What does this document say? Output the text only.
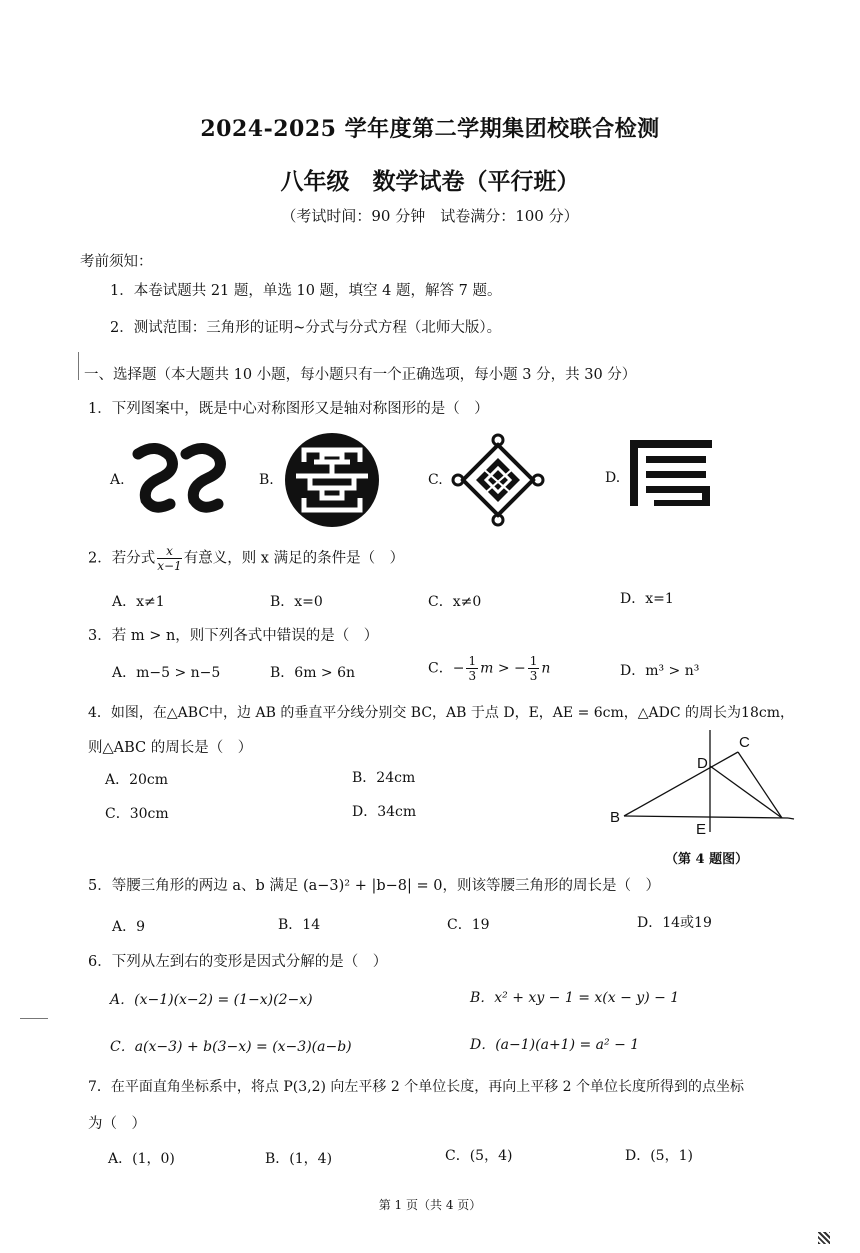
2024-2025 学年度第二学期集团校联合检测
八年级　数学试卷（平行班）
（考试时间：90 分钟　试卷满分：100 分）
考前须知：
1．本卷试题共 21 题，单选 10 题，填空 4 题，解答 7 题。
2．测试范围：三角形的证明~分式与分式方程（北师大版）。
一、选择题（本大题共 10 小题，每小题只有一个正确选项，每小题 3 分，共 30 分）
1．下列图案中，既是中心对称图形又是轴对称图形的是（　）
A.	B.	C.	D.
2．若分式 $\frac{x}{x-1}$ 有意义，则 x 满足的条件是（　）
A．x≠1	B．x=0	C．x≠0	D．x=1
3．若 m > n，则下列各式中错误的是（　）
A．m−5 > n−5	B．6m > 6n	C．− $\frac{1}{3}$ m > − $\frac{1}{3}$ n	D．m³ > n³
4．如图，在△ABC中，边 AB 的垂直平分线分别交 BC，AB 于点 D，E，AE = 6cm，△ADC 的周长为18cm，
则△ABC 的周长是（　）
A．20cm	B．24cm
C．30cm	D．34cm	B
C
D
E
（第 4 题图）
5．等腰三角形的两边 a、b 满足 (a−3)² + |b−8| = 0，则该等腰三角形的周长是（　）
A．9	B．14	C．19	D．14或19
6．下列从左到右的变形是因式分解的是（　）
A．(x−1)(x−2) = (1−x)(2−x)	B．x² + xy − 1 = x(x − y) − 1
C．a(x−3) + b(3−x) = (x−3)(a−b)	D．(a−1)(a+1) = a² − 1
7．在平面直角坐标系中，将点 P(3,2) 向左平移 2 个单位长度，再向上平移 2 个单位长度所得到的点坐标
为（　）
A．(1，0)	B．(1，4)	C．(5，4)	D．(5，1)
第 1 页（共 4 页）
